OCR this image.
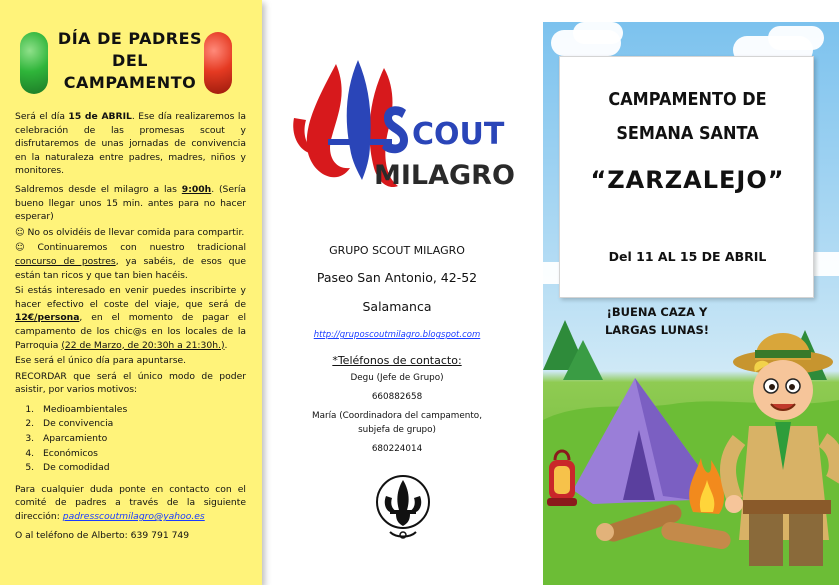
DÍA DE PADRES
DEL
CAMPAMENTO

Será el día 15 de ABRIL. Ese día realizaremos la celebración de las promesas scout y disfrutaremos de unas jornadas de convivencia en la naturaleza entre padres, madres, niños y monitores.

Saldremos desde el milagro a las 9:00h. (Sería bueno llegar unos 15 min. antes para no hacer esperar)

☺ No os olvidéis de llevar comida para compartir.

☺ Continuaremos con nuestro tradicional concurso de postres, ya sabéis, de esos que están tan ricos y que tan bien hacéis.

Si estás interesado en venir puedes inscribirte y hacer efectivo el coste del viaje, que será de 12€/persona, en el momento de pagar el campamento de los chic@s en los locales de la Parroquia (22 de Marzo, de 20:30h a 21:30h.).

Ese será el único día para apuntarse.

RECORDAR que será el único modo de poder asistir, por varios motivos:

1. Medioambientales
2. De convivencia
3. Aparcamiento
4. Económicos
5. De comodidad

Para cualquier duda ponte en contacto con el comité de padres a través de la siguiente dirección: padresscoutmilagro@yahoo.es

O al teléfono de Alberto: 639 791 749

COUT
MILAGRO
GRUPO SCOUT MILAGRO
Paseo San Antonio, 42-52
Salamanca
http://gruposcoutmilagro.blogspot.com
*Teléfonos de contacto:
Degu (Jefe de Grupo)
660882658
María (Coordinadora del campamento,
subjefa de grupo)
680224014
CAMPAMENTO DE
SEMANA SANTA
“ZARZALEJO”
Del 11 AL 15 DE ABRIL
¡BUENA CAZA Y
LARGAS LUNAS!
